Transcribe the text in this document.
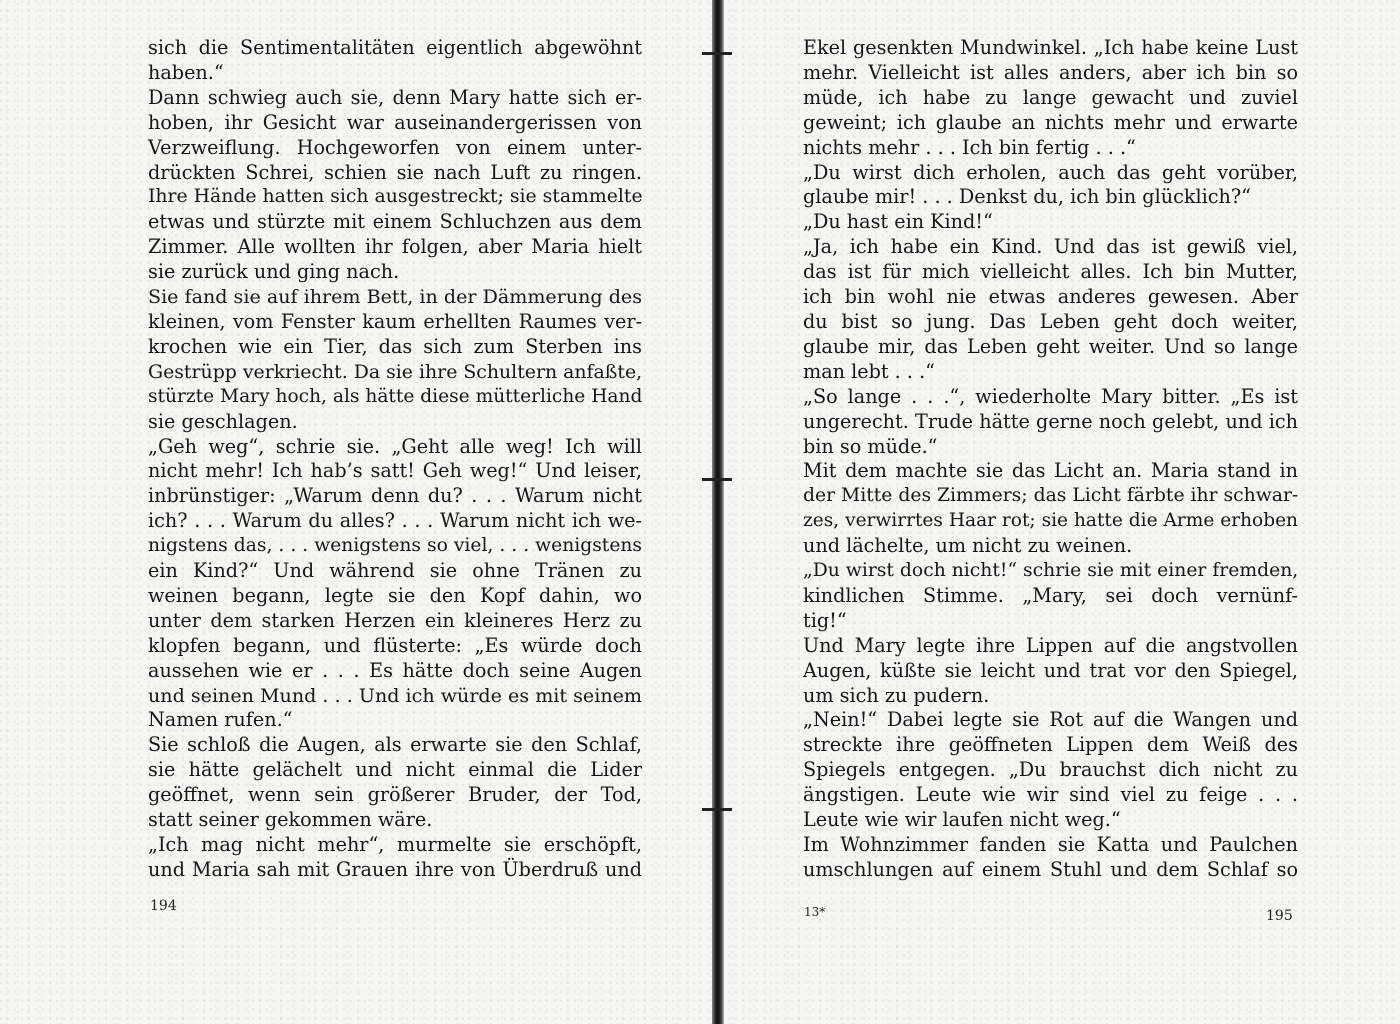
sich die Sentimentalitäten eigentlich abgewöhnt
haben.“
Dann schwieg auch sie, denn Mary hatte sich er-
hoben, ihr Gesicht war auseinandergerissen von
Verzweiflung. Hochgeworfen von einem unter-
drückten Schrei, schien sie nach Luft zu ringen.
Ihre Hände hatten sich ausgestreckt; sie stammelte
etwas und stürzte mit einem Schluchzen aus dem
Zimmer. Alle wollten ihr folgen, aber Maria hielt
sie zurück und ging nach.
Sie fand sie auf ihrem Bett, in der Dämmerung des
kleinen, vom Fenster kaum erhellten Raumes ver-
krochen wie ein Tier, das sich zum Sterben ins
Gestrüpp verkriecht. Da sie ihre Schultern anfaßte,
stürzte Mary hoch, als hätte diese mütterliche Hand
sie geschlagen.
„Geh weg“, schrie sie. „Geht alle weg! Ich will
nicht mehr! Ich hab’s satt! Geh weg!“ Und leiser,
inbrünstiger: „Warum denn du? . . . Warum nicht
ich? . . . Warum du alles? . . . Warum nicht ich we-
nigstens das, . . . wenigstens so viel, . . . wenigstens
ein Kind?“ Und während sie ohne Tränen zu
weinen begann, legte sie den Kopf dahin, wo
unter dem starken Herzen ein kleineres Herz zu
klopfen begann, und flüsterte: „Es würde doch
aussehen wie er . . . Es hätte doch seine Augen
und seinen Mund . . . Und ich würde es mit seinem
Namen rufen.“
Sie schloß die Augen, als erwarte sie den Schlaf,
sie hätte gelächelt und nicht einmal die Lider
geöffnet, wenn sein größerer Bruder, der Tod,
statt seiner gekommen wäre.
„Ich mag nicht mehr“, murmelte sie erschöpft,
und Maria sah mit Grauen ihre von Überdruß und
Ekel gesenkten Mundwinkel. „Ich habe keine Lust
mehr. Vielleicht ist alles anders, aber ich bin so
müde, ich habe zu lange gewacht und zuviel
geweint; ich glaube an nichts mehr und erwarte
nichts mehr . . . Ich bin fertig . . .“
„Du wirst dich erholen, auch das geht vorüber,
glaube mir! . . . Denkst du, ich bin glücklich?“
„Du hast ein Kind!“
„Ja, ich habe ein Kind. Und das ist gewiß viel,
das ist für mich vielleicht alles. Ich bin Mutter,
ich bin wohl nie etwas anderes gewesen. Aber
du bist so jung. Das Leben geht doch weiter,
glaube mir, das Leben geht weiter. Und so lange
man lebt . . .“
„So lange . . .“, wiederholte Mary bitter. „Es ist
ungerecht. Trude hätte gerne noch gelebt, und ich
bin so müde.“
Mit dem machte sie das Licht an. Maria stand in
der Mitte des Zimmers; das Licht färbte ihr schwar-
zes, verwirrtes Haar rot; sie hatte die Arme erhoben
und lächelte, um nicht zu weinen.
„Du wirst doch nicht!“ schrie sie mit einer fremden,
kindlichen Stimme. „Mary, sei doch vernünf-
tig!“
Und Mary legte ihre Lippen auf die angstvollen
Augen, küßte sie leicht und trat vor den Spiegel,
um sich zu pudern.
„Nein!“ Dabei legte sie Rot auf die Wangen und
streckte ihre geöffneten Lippen dem Weiß des
Spiegels entgegen. „Du brauchst dich nicht zu
ängstigen. Leute wie wir sind viel zu feige . . .
Leute wie wir laufen nicht weg.“
Im Wohnzimmer fanden sie Katta und Paulchen
umschlungen auf einem Stuhl und dem Schlaf so
194	13*	195
